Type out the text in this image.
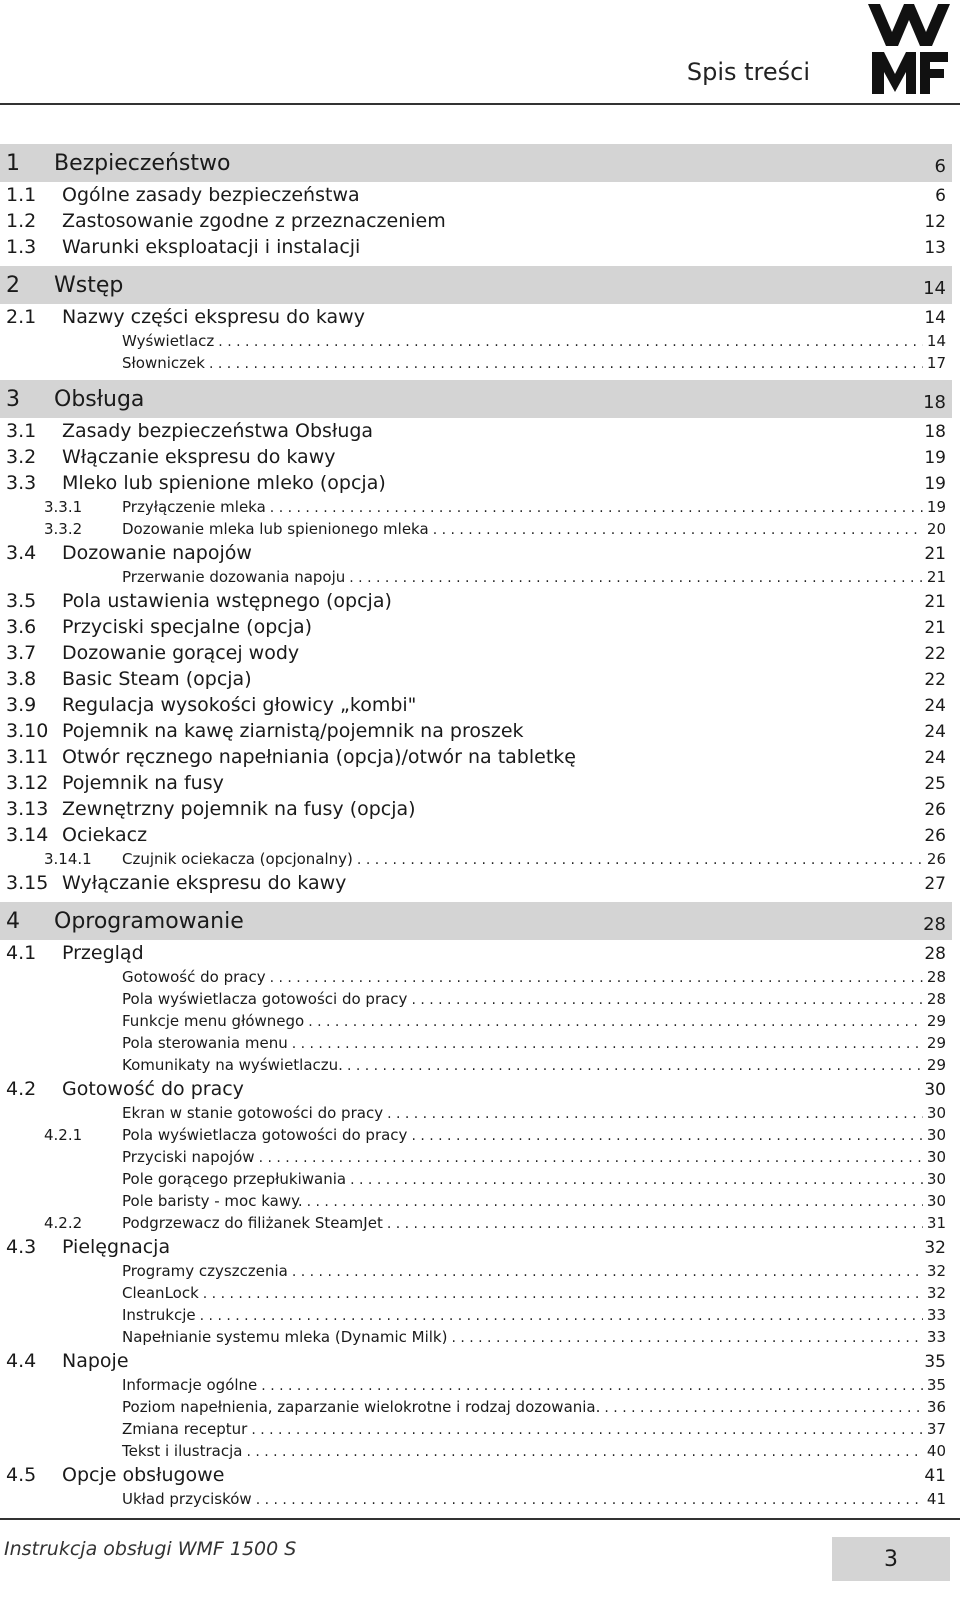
Spis treści
1	Bezpieczeństwo	6
1.1	Ogólne zasady bezpieczeństwa	6
1.2	Zastosowanie zgodne z przeznaczeniem	12
1.3	Warunki eksploatacji i instalacji	13
2	Wstęp	14
2.1	Nazwy części ekspresu do kawy	14
Wyświetlacz . . .	14
Słowniczek . . .	17
3	Obsługa	18
3.1	Zasady bezpieczeństwa Obsługa	18
3.2	Włączanie ekspresu do kawy	19
3.3	Mleko lub spienione mleko (opcja)	19
3.3.1	Przyłączenie mleka . . .	19
3.3.2	Dozowanie mleka lub spienionego mleka . . .	20
3.4	Dozowanie napojów	21
Przerwanie dozowania napoju . . .	21
3.5	Pola ustawienia wstępnego (opcja)	21
3.6	Przyciski specjalne (opcja)	21
3.7	Dozowanie gorącej wody	22
3.8	Basic Steam (opcja)	22
3.9	Regulacja wysokości głowicy „kombi"	24
3.10 Pojemnik na kawę ziarnistą/pojemnik na proszek	24
3.11 Otwór ręcznego napełniania (opcja)/otwór na tabletkę	24
3.12 Pojemnik na fusy	25
3.13 Zewnętrzny pojemnik na fusy (opcja)	26
3.14 Ociekacz	26
3.14.1	Czujnik ociekacza (opcjonalny) . . .	26
3.15 Wyłączanie ekspresu do kawy	27
4	Oprogramowanie	28
4.1	Przegląd	28
Gotowość do pracy . . .	28
Pola wyświetlacza gotowości do pracy . . .	28
Funkcje menu głównego . . .	29
Pola sterowania menu . . .	29
Komunikaty na wyświetlaczu. . . .	29
4.2	Gotowość do pracy	30
Ekran w stanie gotowości do pracy . . .	30
4.2.1	Pola wyświetlacza gotowości do pracy . . .	30
Przyciski napojów . . .	30
Pole gorącego przepłukiwania . . .	30
Pole baristy - moc kawy. . . .	30
4.2.2	Podgrzewacz do filiżanek SteamJet . . .	31
4.3	Pielęgnacja	32
Programy czyszczenia . . .	32
CleanLock . . .	32
Instrukcje . . .	33
Napełnianie systemu mleka (Dynamic Milk) . . .	33
4.4	Napoje	35
Informacje ogólne . . .	35
Poziom napełnienia, zaparzanie wielokrotne i rodzaj dozowania. . . .	36
Zmiana receptur . . .	37
Tekst i ilustracja . . .	40
4.5	Opcje obsługowe	41
Układ przycisków . . .	41
Instrukcja obsługi WMF 1500 S	3
